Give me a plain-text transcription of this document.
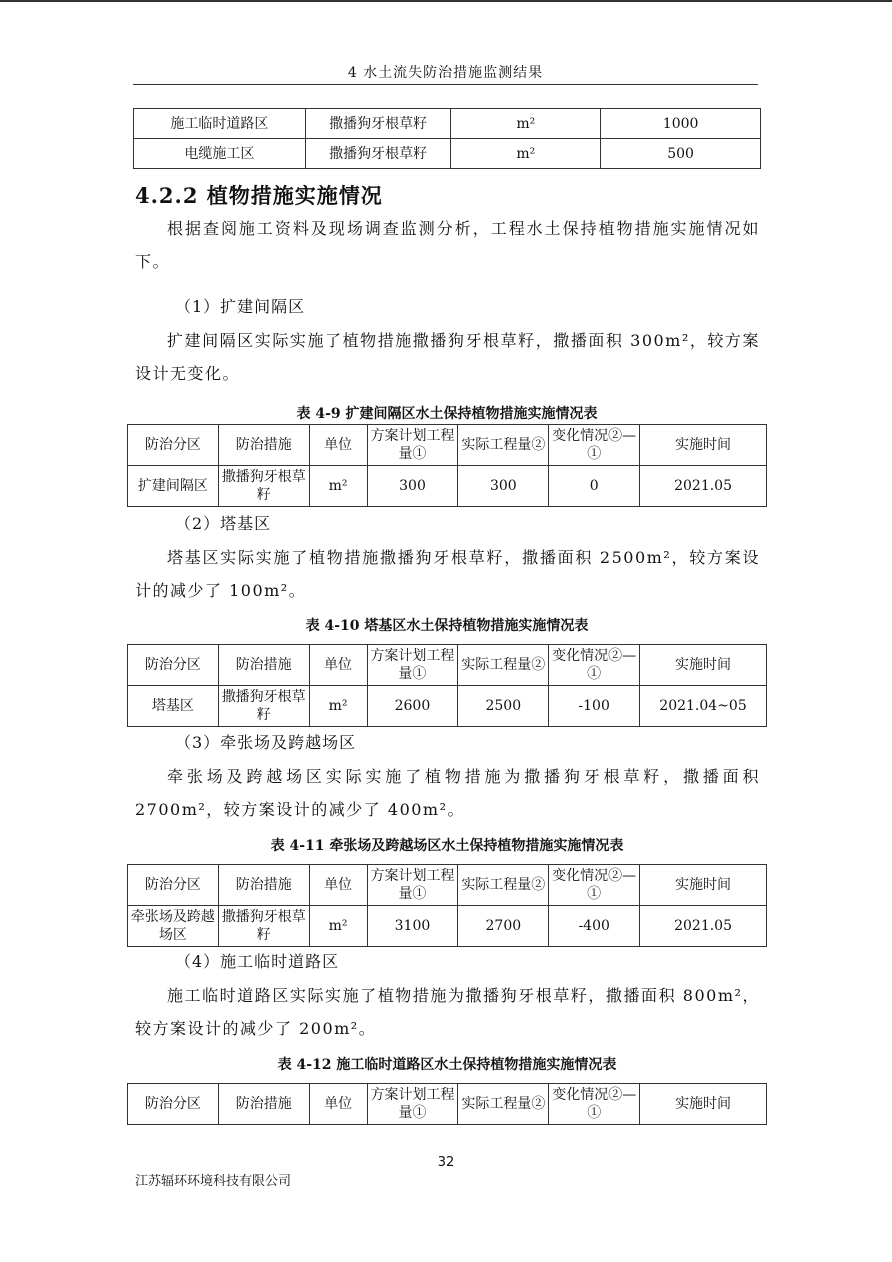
4 水土流失防治措施监测结果
施工临时道路区	撒播狗牙根草籽	m²	1000
电缆施工区	撒播狗牙根草籽	m²	500
4.2.2 植物措施实施情况

根据查阅施工资料及现场调查监测分析，工程水土保持植物措施实施情况如下。

（1）扩建间隔区

扩建间隔区实际实施了植物措施撒播狗牙根草籽，撒播面积 300m²，较方案设计无变化。

表 4-9 扩建间隔区水土保持植物措施实施情况表
防治分区	防治措施	单位	方案计划工程量①	实际工程量②	变化情况②—①	实施时间
扩建间隔区	撒播狗牙根草籽	m²	300	300	0	2021.05
（2）塔基区

塔基区实际实施了植物措施撒播狗牙根草籽，撒播面积 2500m²，较方案设计的减少了 100m²。

表 4-10 塔基区水土保持植物措施实施情况表
防治分区	防治措施	单位	方案计划工程量①	实际工程量②	变化情况②—①	实施时间
塔基区	撒播狗牙根草籽	m²	2600	2500	-100	2021.04~05
（3）牵张场及跨越场区

牵张场及跨越场区实际实施了植物措施为撒播狗牙根草籽，撒播面积 2700m²，较方案设计的减少了 400m²。

表 4-11 牵张场及跨越场区水土保持植物措施实施情况表
防治分区	防治措施	单位	方案计划工程量①	实际工程量②	变化情况②—①	实施时间
牵张场及跨越场区	撒播狗牙根草籽	m²	3100	2700	-400	2021.05
（4）施工临时道路区

施工临时道路区实际实施了植物措施为撒播狗牙根草籽，撒播面积 800m²，较方案设计的减少了 200m²。

表 4-12 施工临时道路区水土保持植物措施实施情况表
防治分区	防治措施	单位	方案计划工程量①	实际工程量②	变化情况②—①	实施时间
32
江苏辐环环境科技有限公司
